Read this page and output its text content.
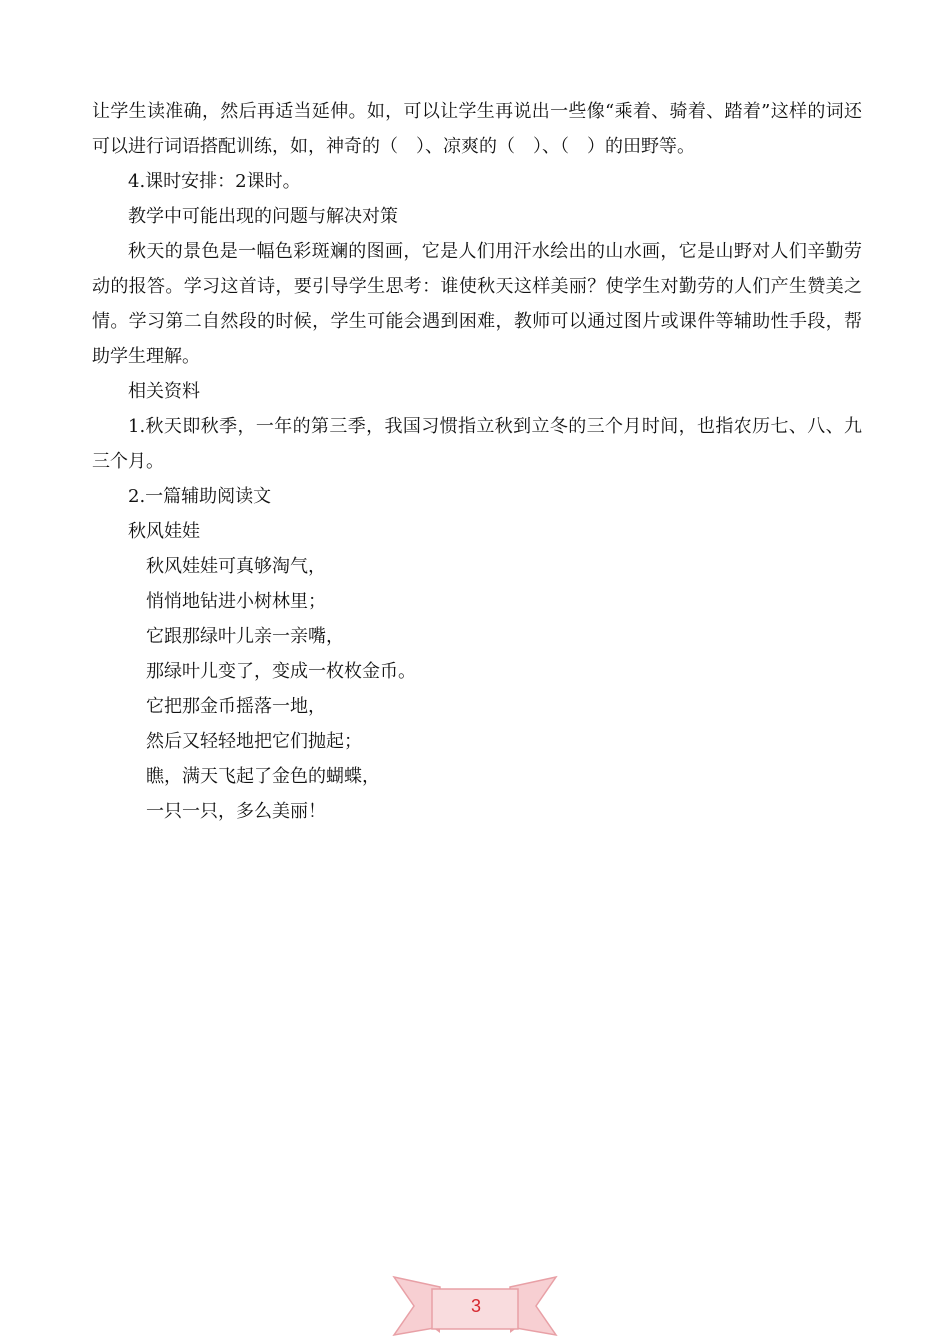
让学生读准确，然后再适当延伸。如，可以让学生再说出一些像“乘着、骑着、踏着”这样的词还可以进行词语搭配训练，如，神奇的（　）、凉爽的（　）、（　）的田野等。

4.课时安排：2课时。

教学中可能出现的问题与解决对策

秋天的景色是一幅色彩斑斓的图画，它是人们用汗水绘出的山水画，它是山野对人们辛勤劳动的报答。学习这首诗，要引导学生思考：谁使秋天这样美丽？使学生对勤劳的人们产生赞美之情。学习第二自然段的时候，学生可能会遇到困难，教师可以通过图片或课件等辅助性手段，帮助学生理解。

相关资料

1.秋天即秋季，一年的第三季，我国习惯指立秋到立冬的三个月时间，也指农历七、八、九三个月。

2.一篇辅助阅读文

秋风娃娃

秋风娃娃可真够淘气，
悄悄地钻进小树林里；
它跟那绿叶儿亲一亲嘴，
那绿叶儿变了，变成一枚枚金币。
它把那金币摇落一地，
然后又轻轻地把它们抛起；
瞧，满天飞起了金色的蝴蝶，
一只一只，多么美丽！
3
